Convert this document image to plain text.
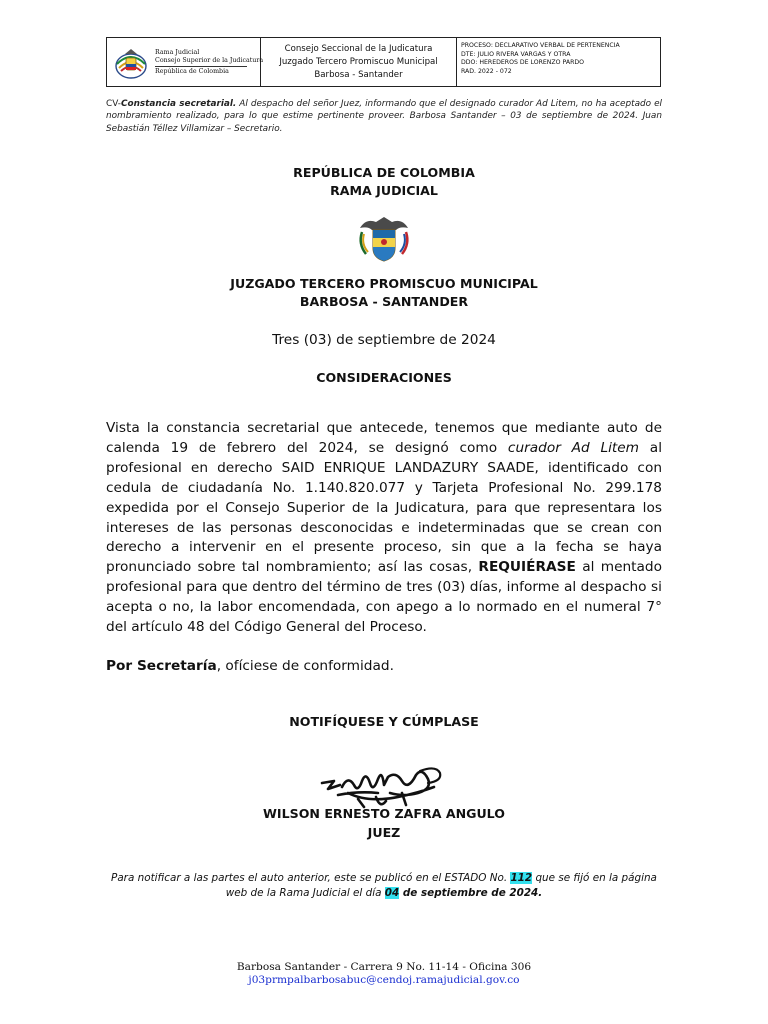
Rama Judicial
Consejo Superior de la Judicatura
República de Colombia
Consejo Seccional de la Judicatura
Juzgado Tercero Promiscuo Municipal
Barbosa - Santander
PROCESO: DECLARATIVO VERBAL DE PERTENENCIA
DTE: JULIO RIVERA VARGAS Y OTRA
DDO: HEREDEROS DE LORENZO PARDO
RAD. 2022 - 072
CV-Constancia secretarial. Al despacho del señor Juez, informando que el designado curador Ad Litem, no ha aceptado el nombramiento realizado, para lo que estime pertinente proveer. Barbosa Santander – 03 de septiembre de 2024. Juan Sebastián Téllez Villamizar – Secretario.
REPÚBLICA DE COLOMBIA
RAMA JUDICIAL
JUZGADO TERCERO PROMISCUO MUNICIPAL
BARBOSA - SANTANDER
Tres (03) de septiembre de 2024
CONSIDERACIONES
Vista la constancia secretarial que antecede, tenemos que mediante auto de calenda 19 de febrero del 2024, se designó como curador Ad Litem al profesional en derecho SAID ENRIQUE LANDAZURY SAADE, identificado con cedula de ciudadanía No. 1.140.820.077 y Tarjeta Profesional No. 299.178 expedida por el Consejo Superior de la Judicatura, para que representara los intereses de las personas desconocidas e indeterminadas que se crean con derecho a intervenir en el presente proceso, sin que a la fecha se haya pronunciado sobre tal nombramiento; así las cosas, REQUIÉRASE al mentado profesional para que dentro del término de tres (03) días, informe al despacho si acepta o no, la labor encomendada, con apego a lo normado en el numeral 7° del artículo 48 del Código General del Proceso.
Por Secretaría, ofíciese de conformidad.
NOTIFÍQUESE Y CÚMPLASE
WILSON ERNESTO ZAFRA ANGULO
JUEZ
Para notificar a las partes el auto anterior, este se publicó en el ESTADO No. 112 que se fijó en la página web de la Rama Judicial el día 04 de septiembre de 2024.
Barbosa Santander - Carrera 9 No. 11-14 - Oficina 306
j03prmpalbarbosabuc@cendoj.ramajudicial.gov.co
